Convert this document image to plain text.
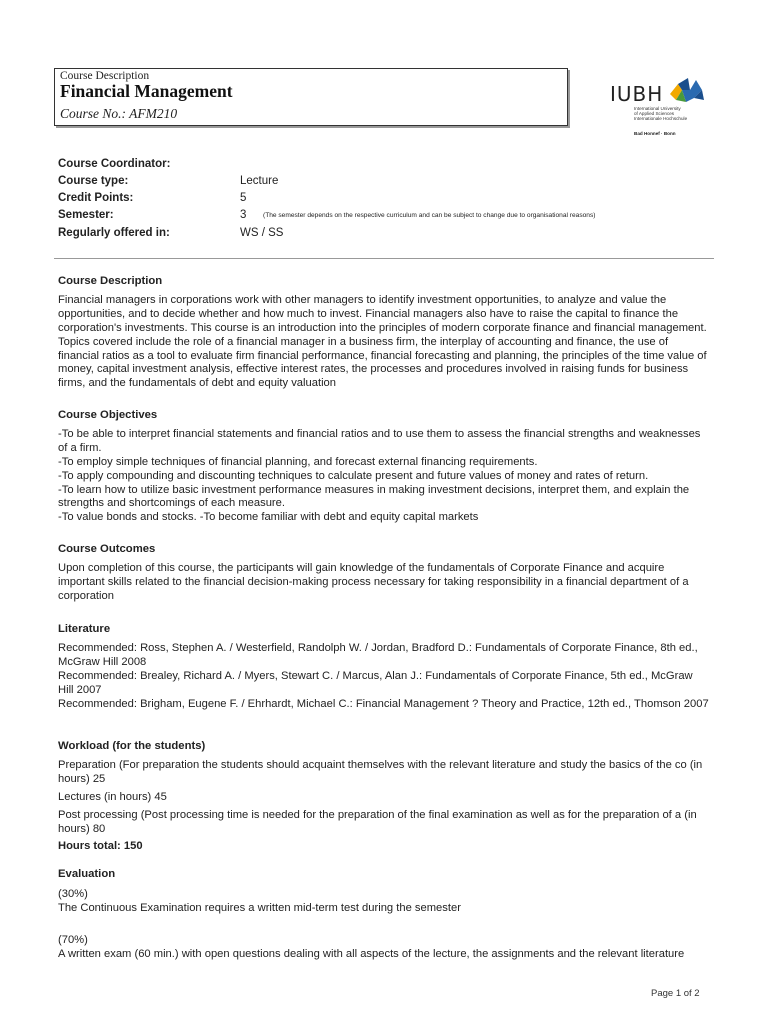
Course Description
Financial Management
Course No.: AFM210
IUBH
International University
of Applied Sciences
Internationale Hochschule
Bad Honnef · Bonn
Course Coordinator:
Course type:	Lecture
Credit Points:	5
Semester:	3	(The semester depends on the respective curriculum and can be subject to change due to organisational reasons)
Regularly offered in:	WS / SS
Course Description

Financial managers in corporations work with other managers to identify investment opportunities, to analyze and value the opportunities, and to decide whether and how much to invest. Financial managers also have to raise the capital to finance the corporation's investments. This course is an introduction into the principles of modern corporate finance and financial management. Topics covered include the role of a financial manager in a business firm, the interplay of accounting and finance, the use of financial ratios as a tool to evaluate firm financial performance, financial forecasting and planning, the principles of the time value of money, capital investment analysis, effective interest rates, the processes and procedures involved in raising funds for business firms, and the fundamentals of debt and equity valuation

Course Objectives

-To be able to interpret financial statements and financial ratios and to use them to assess the financial strengths and weaknesses of a firm.

-To employ simple techniques of financial planning, and forecast external financing requirements.

-To apply compounding and discounting techniques to calculate present and future values of money and rates of return.

-To learn how to utilize basic investment performance measures in making investment decisions, interpret them, and explain the strengths and shortcomings of each measure.

-To value bonds and stocks. -To become familiar with debt and equity capital markets

Course Outcomes

Upon completion of this course, the participants will gain knowledge of the fundamentals of Corporate Finance and acquire important skills related to the financial decision-making process necessary for taking responsibility in a financial department of a corporation

Literature

Recommended: Ross, Stephen A. / Westerfield, Randolph W. / Jordan, Bradford D.: Fundamentals of Corporate Finance, 8th ed., McGraw Hill 2008

Recommended: Brealey, Richard A. / Myers, Stewart C. / Marcus, Alan J.: Fundamentals of Corporate Finance, 5th ed., McGraw Hill 2007

Recommended: Brigham, Eugene F. / Ehrhardt, Michael C.: Financial Management ? Theory and Practice, 12th ed., Thomson 2007

Workload (for the students)

Preparation (For preparation the students should acquaint themselves with the relevant literature and study the basics of the co (in hours) 25

Lectures (in hours) 45

Post processing (Post processing time is needed for the preparation of the final examination as well as for the preparation of a (in hours) 80

Hours total: 150

Evaluation

(30%)

The Continuous Examination requires a written mid-term test during the semester

(70%)

A written exam (60 min.) with open questions dealing with all aspects of the lecture, the assignments and the relevant literature

Page 1 of 2
